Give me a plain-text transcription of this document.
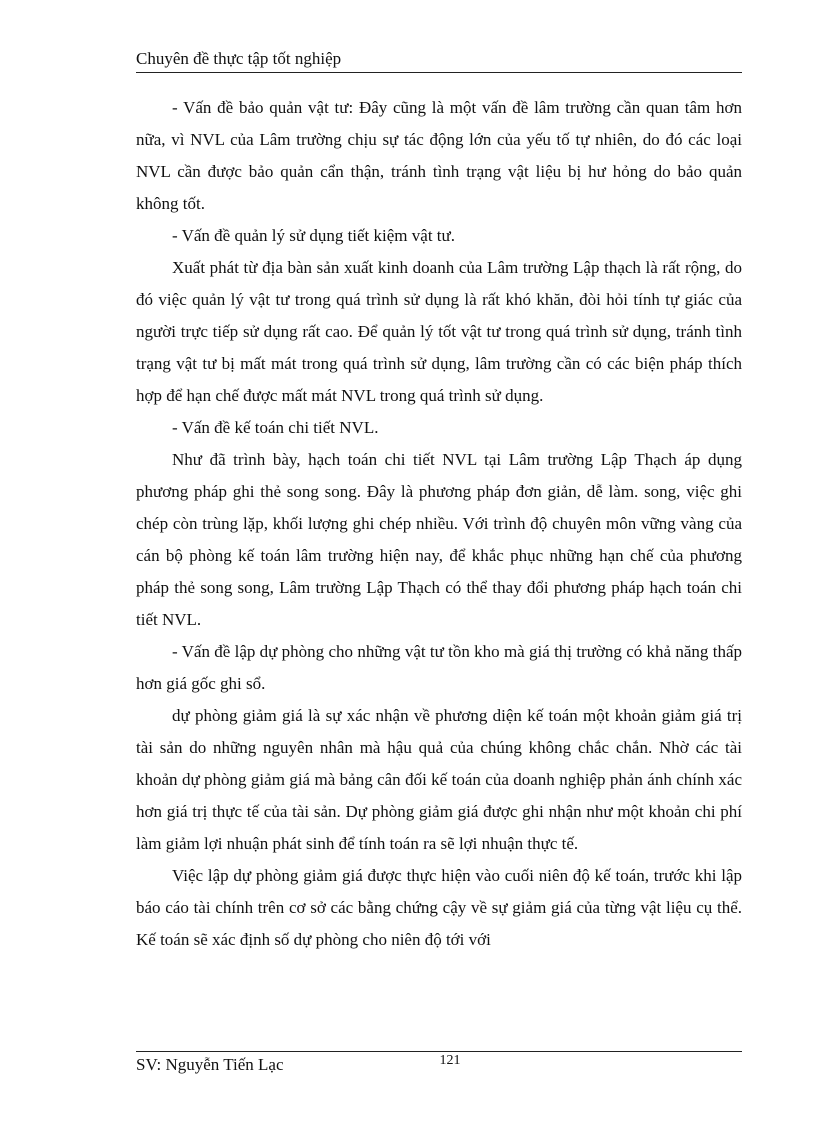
Chuyên đề thực tập tốt nghiệp

- Vấn đề bảo quản vật tư: Đây cũng là một vấn đề lâm trường cần quan tâm hơn nữa, vì NVL của Lâm trường chịu sự tác động lớn của yếu tố tự nhiên, do đó các loại NVL cần được bảo quản cẩn thận, tránh tình trạng vật liệu bị hư hỏng do bảo quản không tốt.

- Vấn đề quản lý sử dụng tiết kiệm vật tư.

Xuất phát từ địa bàn sản xuất kinh doanh của Lâm trường Lập thạch là rất rộng, do đó việc quản lý vật tư trong quá trình sử dụng là rất khó khăn, đòi hỏi tính tự giác của người trực tiếp sử dụng rất cao. Để quản lý tốt vật tư trong quá trình sử dụng, tránh tình trạng vật tư bị mất mát trong quá trình sử dụng, lâm trường cần có các biện pháp thích hợp để hạn chế được mất mát NVL trong quá trình sử dụng.

- Vấn đề kế toán chi tiết NVL.

Như đã trình bày, hạch toán chi tiết NVL tại Lâm trường Lập Thạch áp dụng phương pháp ghi thẻ song song. Đây là phương pháp đơn giản, dễ làm. song, việc ghi chép còn trùng lặp, khối lượng ghi chép nhiều. Với trình độ chuyên môn vững vàng của cán bộ phòng kế toán lâm trường hiện nay, để khắc phục những hạn chế của phương pháp thẻ song song, Lâm trường Lập Thạch có thể thay đổi phương pháp hạch toán chi tiết NVL.

- Vấn đề lập dự phòng cho những vật tư tồn kho mà giá thị trường có khả năng thấp hơn giá gốc ghi sổ.

dự phòng giảm giá là sự xác nhận về phương diện kế toán một khoản giảm giá trị tài sản do những nguyên nhân mà hậu quả của chúng không chắc chắn. Nhờ các tài khoản dự phòng giảm giá mà bảng cân đối kế toán của doanh nghiệp phản ánh chính xác hơn giá trị thực tế của tài sản. Dự phòng giảm giá được ghi nhận như một khoản chi phí làm giảm lợi nhuận phát sinh để tính toán ra sẽ lợi nhuận thực tế.

Việc lập dự phòng giảm giá được thực hiện vào cuối niên độ kế toán, trước khi lập báo cáo tài chính trên cơ sở các bằng chứng cậy về sự giảm giá của từng vật liệu cụ thể. Kế toán sẽ xác định số dự phòng cho niên độ tới với

SV: Nguyễn Tiến Lạc	121
